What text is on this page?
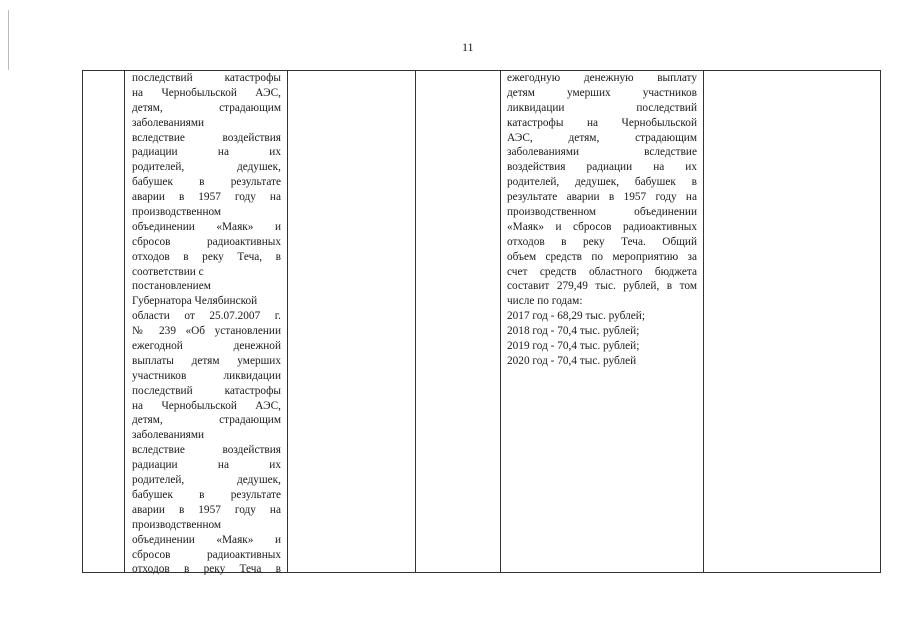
11
последствий катастрофы
на Чернобыльской АЭС,
детям, страдающим
заболеваниями
вследствие воздействия
радиации на их
родителей, дедушек,
бабушек в результате
аварии в 1957 году на
производственном
объединении «Маяк» и
сбросов радиоактивных
отходов в реку Теча, в
соответствии с
постановлением
Губернатора Челябинской
области от 25.07.2007 г.
№ 239 «Об установлении
ежегодной денежной
выплаты детям умерших
участников ликвидации
последствий катастрофы
на Чернобыльской АЭС,
детям, страдающим
заболеваниями
вследствие воздействия
радиации на их
родителей, дедушек,
бабушек в результате
аварии в 1957 году на
производственном
объединении «Маяк» и
сбросов радиоактивных
отходов в реку Теча в
ежегодную денежную выплату
детям умерших участников
ликвидации последствий
катастрофы на Чернобыльской
АЭС, детям, страдающим
заболеваниями вследствие
воздействия радиации на их
родителей, дедушек, бабушек в
результате аварии в 1957 году на
производственном объединении
«Маяк» и сбросов радиоактивных
отходов в реку Теча. Общий
объем средств по мероприятию за
счет средств областного бюджета
составит 279,49 тыс. рублей, в том
числе по годам:
2017 год - 68,29 тыс. рублей;
2018 год - 70,4 тыс. рублей;
2019 год - 70,4 тыс. рублей;
2020 год - 70,4 тыс. рублей
